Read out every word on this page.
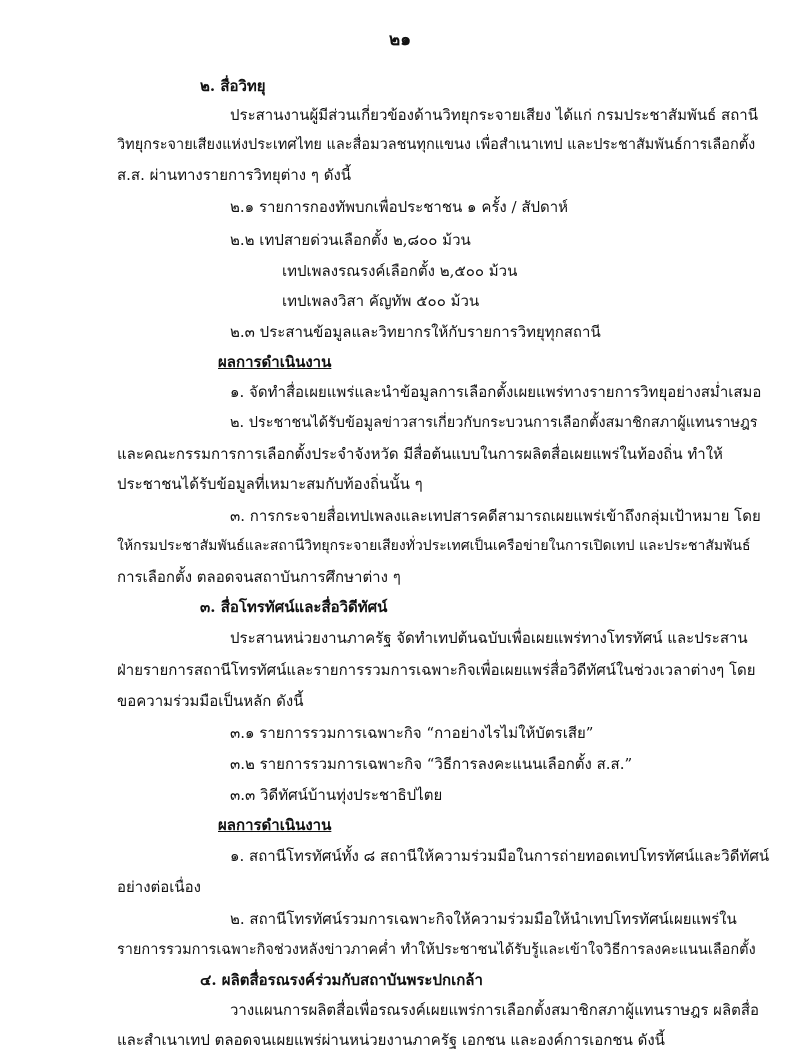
๒๑
๒. สื่อวิทยุ
ประสานงานผู้มีส่วนเกี่ยวข้องด้านวิทยุกระจายเสียง ได้แก่ กรมประชาสัมพันธ์ สถานี
วิทยุกระจายเสียงแห่งประเทศไทย และสื่อมวลชนทุกแขนง เพื่อสำเนาเทป และประชาสัมพันธ์การเลือกตั้ง
ส.ส. ผ่านทางรายการวิทยุต่าง ๆ ดังนี้
๒.๑ รายการกองทัพบกเพื่อประชาชน ๑ ครั้ง / สัปดาห์
๒.๒ เทปสายด่วนเลือกตั้ง ๒,๘๐๐ ม้วน
เทปเพลงรณรงค์เลือกตั้ง ๒,๕๐๐ ม้วน
เทปเพลงวิสา คัญทัพ ๕๐๐ ม้วน
๒.๓ ประสานข้อมูลและวิทยากรให้กับรายการวิทยุทุกสถานี
ผลการดำเนินงาน
๑. จัดทำสื่อเผยแพร่และนำข้อมูลการเลือกตั้งเผยแพร่ทางรายการวิทยุอย่างสม่ำเสมอ
๒. ประชาชนได้รับข้อมูลข่าวสารเกี่ยวกับกระบวนการเลือกตั้งสมาชิกสภาผู้แทนราษฎร
และคณะกรรมการการเลือกตั้งประจำจังหวัด มีสื่อต้นแบบในการผลิตสื่อเผยแพร่ในท้องถิ่น ทำให้
ประชาชนได้รับข้อมูลที่เหมาะสมกับท้องถิ่นนั้น ๆ
๓. การกระจายสื่อเทปเพลงและเทปสารคดีสามารถเผยแพร่เข้าถึงกลุ่มเป้าหมาย โดย
ให้กรมประชาสัมพันธ์และสถานีวิทยุกระจายเสียงทั่วประเทศเป็นเครือข่ายในการเปิดเทป และประชาสัมพันธ์
การเลือกตั้ง ตลอดจนสถาบันการศึกษาต่าง ๆ
๓. สื่อโทรทัศน์และสื่อวิดีทัศน์
ประสานหน่วยงานภาครัฐ จัดทำเทปต้นฉบับเพื่อเผยแพร่ทางโทรทัศน์ และประสาน
ฝ่ายรายการสถานีโทรทัศน์และรายการรวมการเฉพาะกิจเพื่อเผยแพร่สื่อวิดีทัศน์ในช่วงเวลาต่างๆ โดย
ขอความร่วมมือเป็นหลัก ดังนี้
๓.๑ รายการรวมการเฉพาะกิจ “กาอย่างไรไม่ให้บัตรเสีย”
๓.๒ รายการรวมการเฉพาะกิจ “วิธีการลงคะแนนเลือกตั้ง ส.ส.”
๓.๓ วิดีทัศน์บ้านทุ่งประชาธิปไตย
ผลการดำเนินงาน
๑. สถานีโทรทัศน์ทั้ง ๘ สถานีให้ความร่วมมือในการถ่ายทอดเทปโทรทัศน์และวิดีทัศน์
อย่างต่อเนื่อง
๒. สถานีโทรทัศน์รวมการเฉพาะกิจให้ความร่วมมือให้นำเทปโทรทัศน์เผยแพร่ใน
รายการรวมการเฉพาะกิจช่วงหลังข่าวภาคค่ำ ทำให้ประชาชนได้รับรู้และเข้าใจวิธีการลงคะแนนเลือกตั้ง
๔. ผลิตสื่อรณรงค์ร่วมกับสถาบันพระปกเกล้า
วางแผนการผลิตสื่อเพื่อรณรงค์เผยแพร่การเลือกตั้งสมาชิกสภาผู้แทนราษฎร ผลิตสื่อ
และสำเนาเทป ตลอดจนเผยแพร่ผ่านหน่วยงานภาครัฐ เอกชน และองค์การเอกชน ดังนี้
